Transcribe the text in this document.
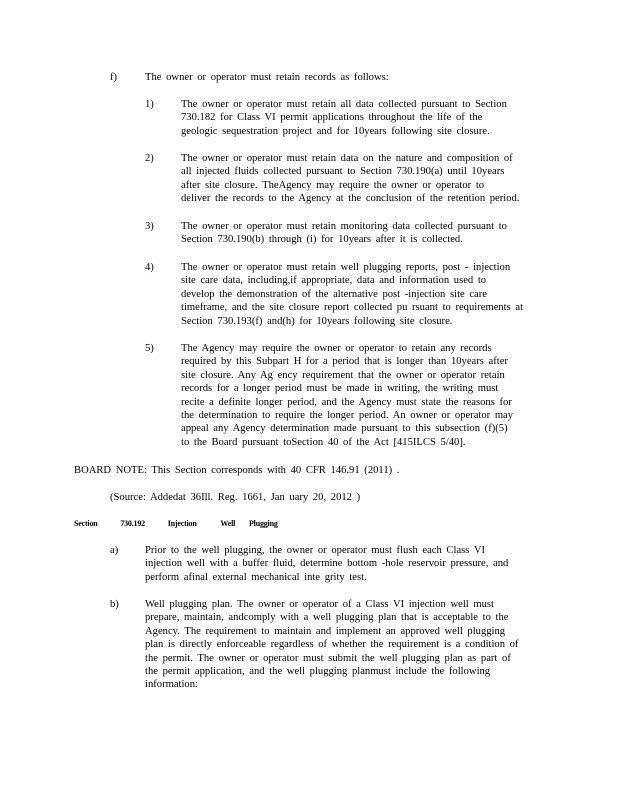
f)	The owner or operator must retain records as follows:
1)	The owner or operator must retain all data collected pursuant to Section
730.182 for Class VI permit applications throughout the life of the
geologic sequestration project and for 10years following site closure.
2)	The owner or operator must retain data on the nature and composition of
all injected fluids collected pursuant to Section 730.190(a) until 10years
after site closure. TheAgency may require the owner or operator to
deliver the records to the Agency at the conclusion of the retention period.
3)	The owner or operator must retain monitoring data collected pursuant to
Section 730.190(b) through (i) for 10years after it is collected.
4)	The owner or operator must retain well plugging reports, post - injection
site care data, including,if appropriate, data and information used to
develop the demonstration of the alternative post -injection site care
timeframe, and the site closure report collected pu rsuant to requirements at
Section 730.193(f) and(h) for 10years following site closure.
5)	The Agency may require the owner or operator to retain any records
required by this Subpart H for a period that is longer than 10years after
site closure. Any Ag ency requirement that the owner or operator retain
records for a longer period must be made in writing, the writing must
recite a definite longer period, and the Agency must state the reasons for
the determination to require the longer period. An owner or operator may
appeal any Agency determination made pursuant to this subsection (f)(5)
to the Board pursuant toSection 40 of the Act [415ILCS 5/40].
BOARD NOTE: This Section corresponds with 40 CFR 146.91 (2011) .
(Source: Addedat 36Ill. Reg. 1661, Jan uary 20, 2012 )
Section	730.192	Injection	Well Plugging
a)	Prior to the well plugging, the owner or operator must flush each Class VI
injection well with a buffer fluid, determine bottom -hole reservoir pressure, and
perform afinal external mechanical inte grity test.
b) Well plugging plan. The owner or operator of a Class VI injection well must
prepare, maintain, andcomply with a well plugging plan that is acceptable to the
Agency. The requirement to maintain and implement an approved well plugging
plan is directly enforceable regardless of whether the requirement is a condition of
the permit. The owner or operator must submit the well plugging plan as part of
the permit application, and the well plugging planmust include the following
information:
